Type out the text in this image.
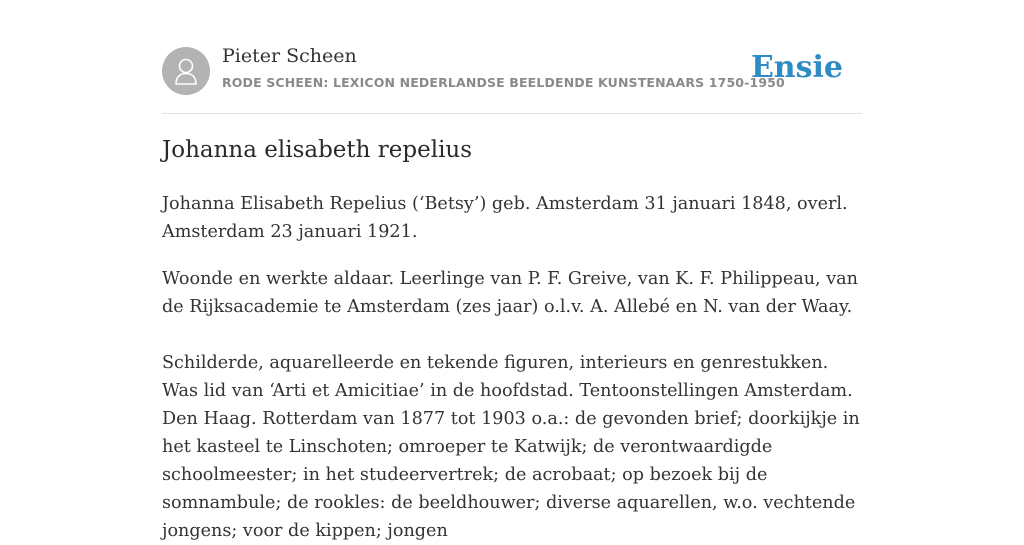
Pieter Scheen
RODE SCHEEN: LEXICON NEDERLANDSE BEELDENDE KUNSTENAARS 1750-1950
Ensie
Johanna elisabeth repelius

Johanna Elisabeth Repelius (‘Betsy’) geb. Amsterdam 31 januari 1848, overl. Amsterdam 23 januari 1921.

Woonde en werkte aldaar. Leerlinge van P. F. Greive, van K. F. Philippeau, van de Rijksacademie te Amsterdam (zes jaar) o.l.v. A. Allebé en N. van der Waay.

Schilderde, aquarelleerde en tekende figuren, interieurs en genrestukken. Was lid van ‘Arti et Amicitiae’ in de hoofdstad. Tentoonstellingen Amsterdam. Den Haag. Rotterdam van 1877 tot 1903 o.a.: de gevonden brief; doorkijkje in het kasteel te Linschoten; omroeper te Katwijk; de verontwaardigde schoolmeester; in het studeervertrek; de acrobaat; op bezoek bij de somnambule; de rookles: de beeldhouwer; diverse aquarellen, w.o. vechtende jongens; voor de kippen; jongen
